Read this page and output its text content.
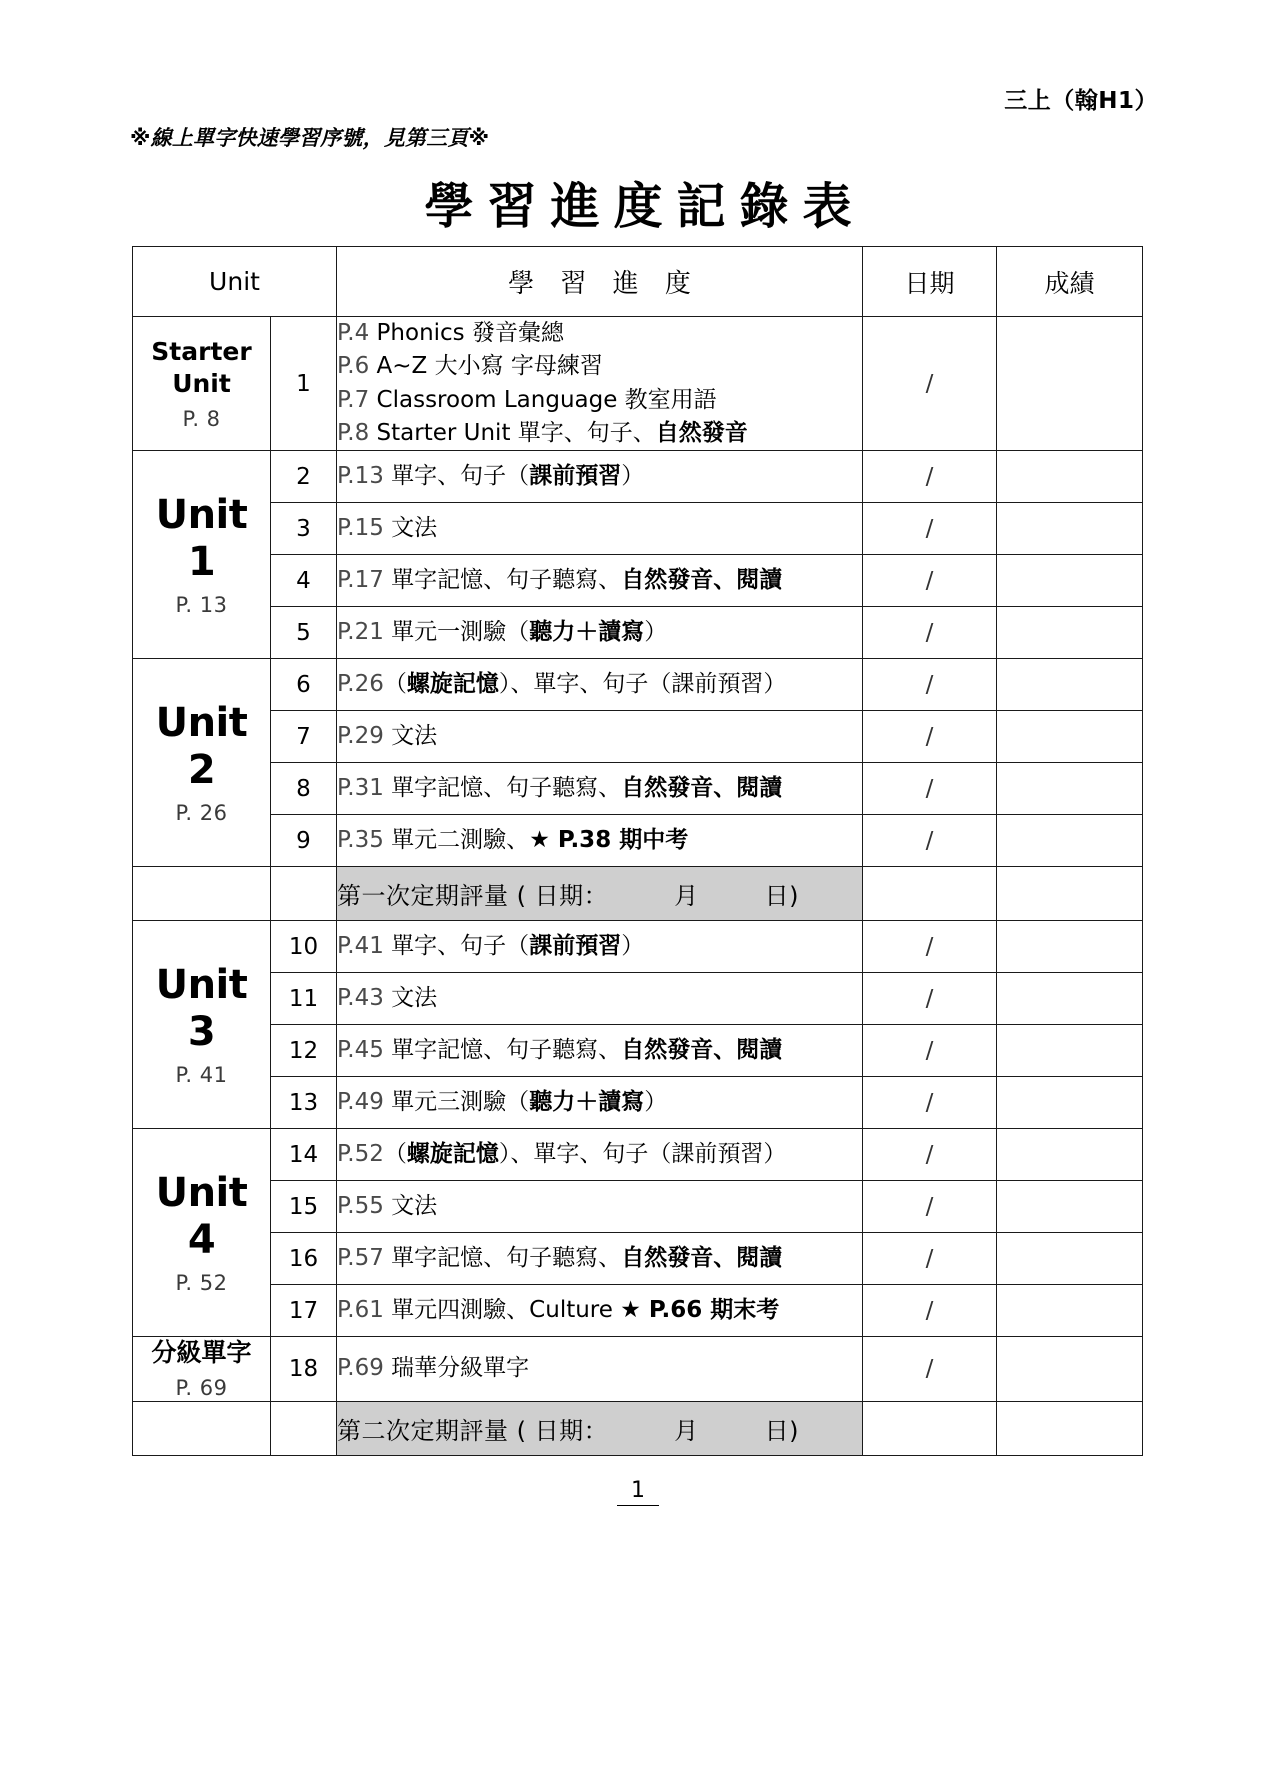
三上（翰H1）
※線上單字快速學習序號，見第三頁※
學習進度記錄表
Unit		學 習 進 度	日期	成績

Starter
Unit
P. 8	1	P.4 Phonics 發音彙總
P.6 A~Z 大小寫 字母練習
P.7 Classroom Language 教室用語
P.8 Starter Unit 單字、句子、自然發音	/	

Unit
1
P. 13	2	P.13 單字、句子（課前預習）	/	
	3	P.15 文法	/	
	4	P.17 單字記憶、句子聽寫、自然發音、閱讀	/	
	5	P.21 單元一測驗（聽力＋讀寫）	/	

Unit
2
P. 26	6	P.26（螺旋記憶）、單字、句子（課前預習）	/	
	7	P.29 文法	/	
	8	P.31 單字記憶、句子聽寫、自然發音、閱讀	/	
	9	P.35 單元二測驗、★ P.38 期中考	/	
		第一次定期評量 ( 日期： 月 日)		

Unit
3
P. 41	10	P.41 單字、句子（課前預習）	/	
	11	P.43 文法	/	
	12	P.45 單字記憶、句子聽寫、自然發音、閱讀	/	
	13	P.49 單元三測驗（聽力＋讀寫）	/	

Unit
4
P. 52	14	P.52（螺旋記憶）、單字、句子（課前預習）	/	
	15	P.55 文法	/	
	16	P.57 單字記憶、句子聽寫、自然發音、閱讀	/	
	17	P.61 單元四測驗、Culture ★ P.66 期末考	/	

分級單字
P. 69	18	P.69 瑞華分級單字	/	
		第二次定期評量 ( 日期： 月 日)		
1
